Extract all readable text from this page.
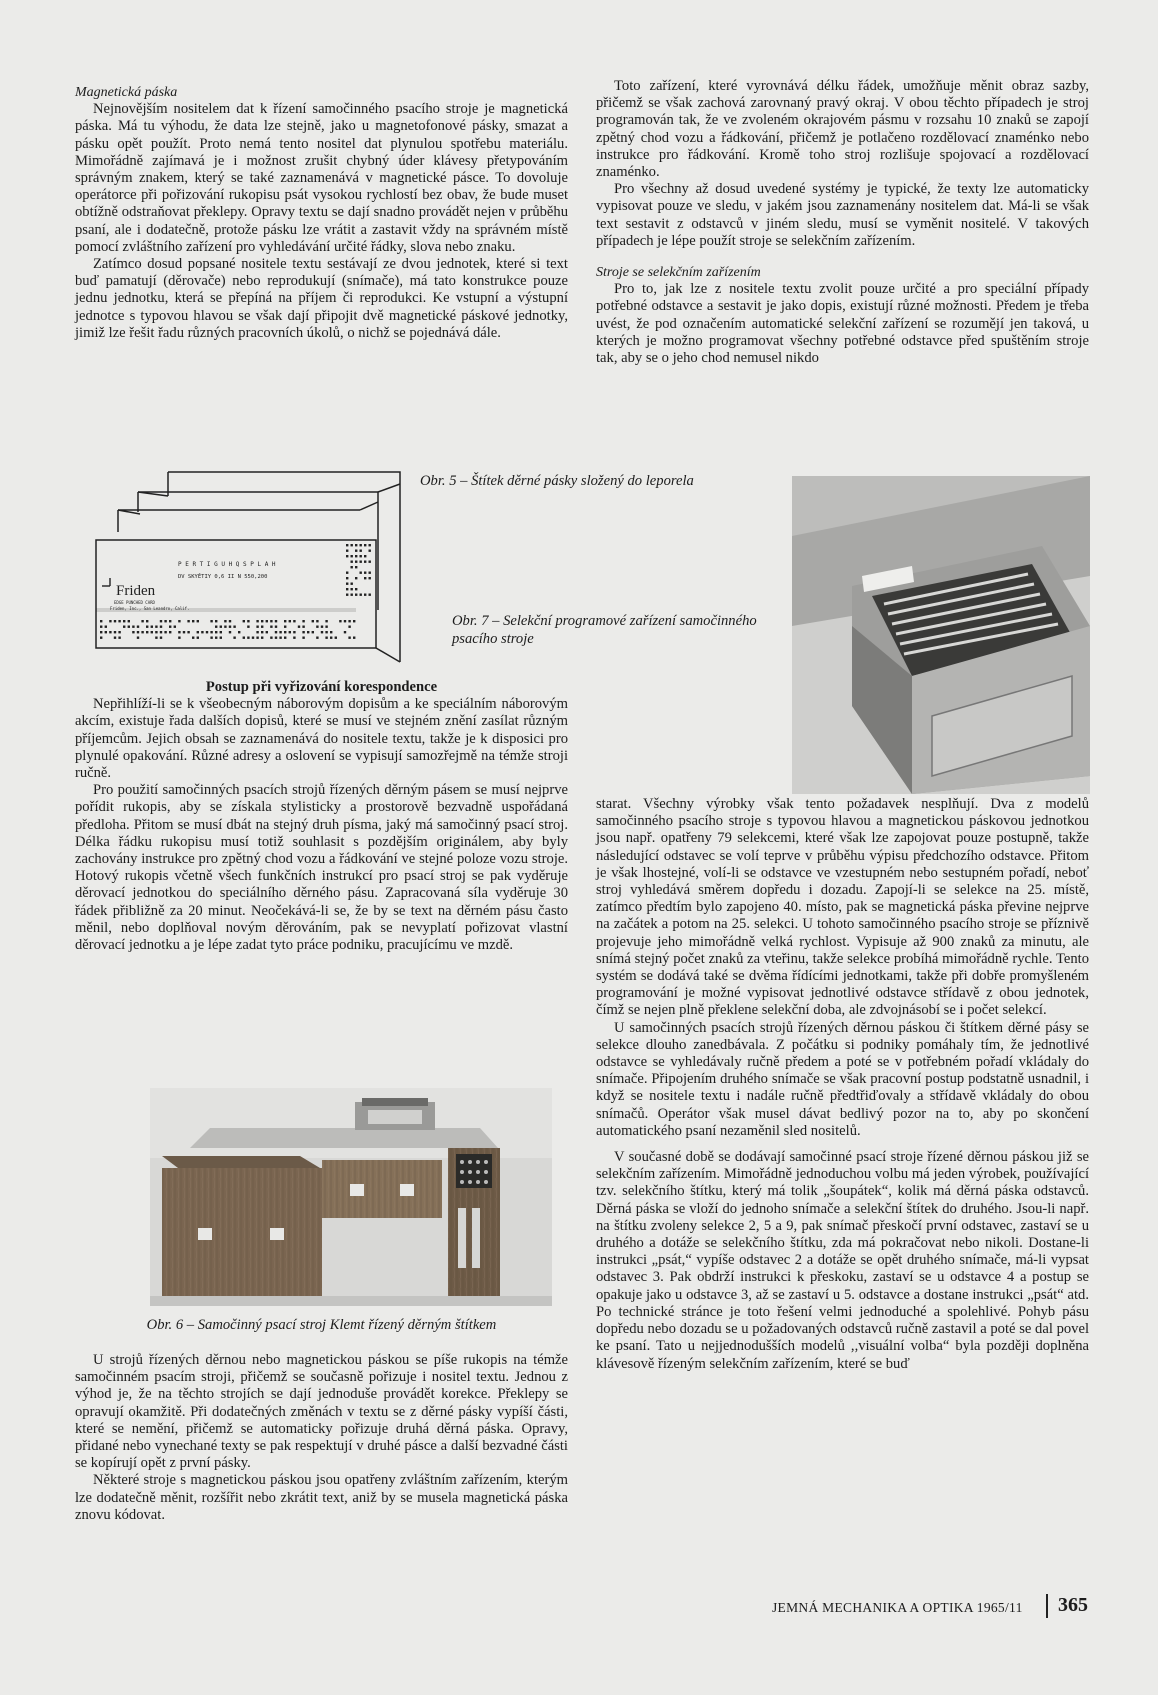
Magnetická páska

Nejnovějším nositelem dat k řízení samočinného psacího stroje je magnetická páska. Má tu výhodu, že data lze stejně, jako u magnetofonové pásky, smazat a pásku opět použít. Proto nemá tento nositel dat plynulou spotřebu materiálu. Mimořádně zajímavá je i možnost zrušit chybný úder klávesy přetypováním správným znakem, který se také zaznamenává v magnetické pásce. To dovoluje operátorce při pořizování rukopisu psát vysokou rychlostí bez obav, že bude muset obtížně odstraňovat překlepy. Opravy textu se dají snadno provádět nejen v průběhu psaní, ale i dodatečně, protože pásku lze vrátit a zastavit vždy na správném místě pomocí zvláštního zařízení pro vyhledávání určité řádky, slova nebo znaku.

Zatímco dosud popsané nositele textu sestávají ze dvou jednotek, které si text buď pamatují (děrovače) nebo reprodukují (snímače), má tato konstrukce pouze jednu jednotku, která se přepíná na příjem či reprodukci. Ke vstupní a výstupní jednotce s typovou hlavou se však dají připojit dvě magnetické páskové jednotky, jimiž lze řešit řadu různých pracovních úkolů, o nichž se pojednává dále.

P E R T I G U H Q S P L A H
DV SKYĚTIY 0,6 II N 550,200
Friden
EDGE PUNCHED CARD
Friden, Inc., San Leandro, Calif.
Obr. 5 – Štítek děrné pásky složený do leporela

Postup při vyřizování korespondence

Nepřihlíží-li se k všeobecným náborovým dopisům a ke speciálním náborovým akcím, existuje řada dalších dopisů, které se musí ve stejném znění zasílat různým příjemcům. Jejich obsah se zaznamenává do nositele textu, takže je k disposici pro plynulé opakování. Různé adresy a oslovení se vypisují samozřejmě na témže stroji ručně.

Pro použití samočinných psacích strojů řízených děrným pásem se musí nejprve pořídit rukopis, aby se získala stylisticky a prostorově bezvadně uspořádaná předloha. Přitom se musí dbát na stejný druh písma, jaký má samočinný psací stroj. Délka řádku rukopisu musí totiž souhlasit s pozdějším originálem, aby byly zachovány instrukce pro zpětný chod vozu a řádkování ve stejné poloze vozu stroje. Hotový rukopis včetně všech funkčních instrukcí pro psací stroj se pak vyděruje děrovací jednotkou do speciálního děrného pásu. Zapracovaná síla vyděruje 30 řádek přibližně za 20 minut. Neočekává-li se, že by se text na děrném pásu často měnil, nebo doplňoval novým děrováním, pak se nevyplatí pořizovat vlastní děrovací jednotku a je lépe zadat tyto práce podniku, pracujícímu ve mzdě.

Obr. 6 – Samočinný psací stroj Klemt řízený děrným štítkem

U strojů řízených děrnou nebo magnetickou páskou se píše rukopis na témže samočinném psacím stroji, přičemž se současně pořizuje i nositel textu. Jednou z výhod je, že na těchto strojích se dají jednoduše provádět korekce. Překlepy se opravují okamžitě. Při dodatečných změnách v textu se z děrné pásky vypíší části, které se nemění, přičemž se automaticky pořizuje druhá děrná páska. Opravy, přidané nebo vynechané texty se pak respektují v druhé pásce a další bezvadné části se kopírují opět z první pásky.

Některé stroje s magnetickou páskou jsou opatřeny zvláštním zařízením, kterým lze dodatečně měnit, rozšířit nebo zkrátit text, aniž by se musela magnetická páska znovu kódovat.

Toto zařízení, které vyrovnává délku řádek, umožňuje měnit obraz sazby, přičemž se však zachová zarovnaný pravý okraj. V obou těchto případech je stroj programován tak, že ve zvoleném okrajovém pásmu v rozsahu 10 znaků se zapojí zpětný chod vozu a řádkování, přičemž je potlačeno rozdělovací znaménko nebo instrukce pro řádkování. Kromě toho stroj rozlišuje spojovací a rozdělovací znaménko.

Pro všechny až dosud uvedené systémy je typické, že texty lze automaticky vypisovat pouze ve sledu, v jakém jsou zaznamenány nositelem dat. Má-li se však text sestavit z odstavců v jiném sledu, musí se vyměnit nositelé. V takových případech je lépe použít stroje se selekčním zařízením.

Stroje se selekčním zařízením

Pro to, jak lze z nositele textu zvolit pouze určité a pro speciální případy potřebné odstavce a sestavit je jako dopis, existují různé možnosti. Předem je třeba uvést, že pod označením automatické selekční zařízení se rozumějí jen taková, u kterých je možno programovat všechny potřebné odstavce před spuštěním stroje tak, aby se o jeho chod nemusel nikdo

Obr. 7 – Selekční programové zařízení samočinného psacího stroje

starat. Všechny výrobky však tento požadavek nesplňují. Dva z modelů samočinného psacího stroje s typovou hlavou a magnetickou páskovou jednotkou jsou např. opatřeny 79 selekcemi, které však lze zapojovat pouze postupně, takže následující odstavec se volí teprve v průběhu výpisu předchozího odstavce. Přitom je však lhostejné, volí-li se odstavce ve vzestupném nebo sestupném pořadí, neboť stroj vyhledává směrem dopředu i dozadu. Zapojí-li se selekce na 25. místě, zatímco předtím bylo zapojeno 40. místo, pak se magnetická páska převine nejprve na začátek a potom na 25. selekci. U tohoto samočinného psacího stroje se příznivě projevuje jeho mimořádně velká rychlost. Vypisuje až 900 znaků za minutu, ale snímá stejný počet znaků za vteřinu, takže selekce probíhá mimořádně rychle. Tento systém se dodává také se dvěma řídícími jednotkami, takže při dobře promyšleném programování je možné vypisovat jednotlivé odstavce střídavě z obou jednotek, čímž se nejen plně překlene selekční doba, ale zdvojnásobí se i počet selekcí.

U samočinných psacích strojů řízených děrnou páskou či štítkem děrné pásy se selekce dlouho zanedbávala. Z počátku si podniky pomáhaly tím, že jednotlivé odstavce se vyhledávaly ručně předem a poté se v potřebném pořadí vkládaly do snímače. Připojením druhého snímače se však pracovní postup podstatně usnadnil, i když se nositele textu i nadále ručně předtřiďovaly a střídavě vkládaly do obou snímačů. Operátor však musel dávat bedlivý pozor na to, aby po skončení automatického psaní nezaměnil sled nositelů.

V současné době se dodávají samočinné psací stroje řízené děrnou páskou již se selekčním zařízením. Mimořádně jednoduchou volbu má jeden výrobek, používající tzv. selekčního štítku, který má tolik „šoupátek“, kolik má děrná páska odstavců. Děrná páska se vloží do jednoho snímače a selekční štítek do druhého. Jsou-li např. na štítku zvoleny selekce 2, 5 a 9, pak snímač přeskočí první odstavec, zastaví se u druhého a dotáže se selekčního štítku, zda má pokračovat nebo nikoli. Dostane-li instrukci „psát,“ vypíše odstavec 2 a dotáže se opět druhého snímače, má-li vypsat odstavec 3. Pak obdrží instrukci k přeskoku, zastaví se u odstavce 4 a postup se opakuje jako u odstavce 3, až se zastaví u 5. odstavce a dostane instrukci „psát“ atd. Po technické stránce je toto řešení velmi jednoduché a spolehlivé. Pohyb pásu dopředu nebo dozadu se u požadovaných odstavců ručně zastavil a poté se dal povel ke psaní. Tato u nejjednodušších modelů ,,visuální volba“ byla později doplněna klávesově řízeným selekčním zařízením, které se buď

JEMNÁ MECHANIKA A OPTIKA 1965/11 365
